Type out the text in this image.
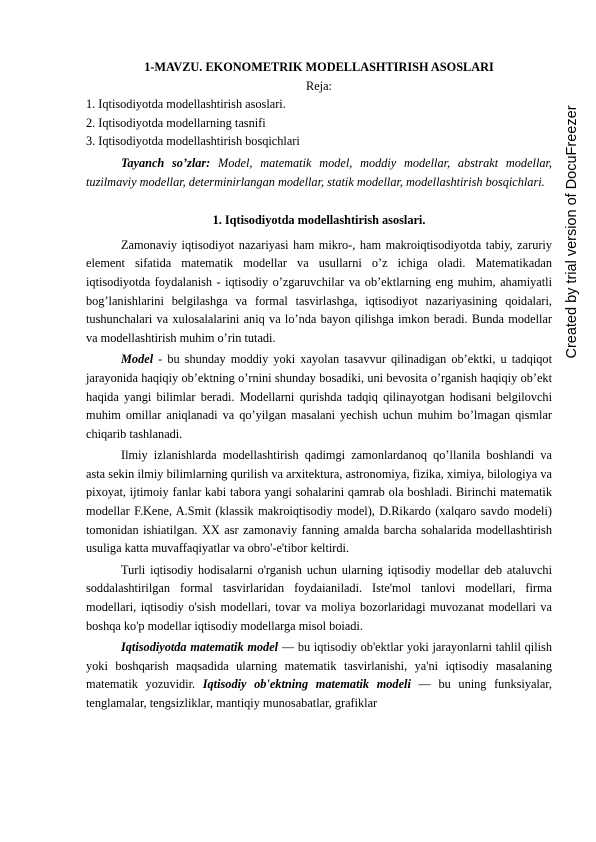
Created by trial version of DocuFreezer

1-MAVZU. EKONOMETRIK MODELLASHTIRISH ASOSLARI

Reja:

1. Iqtisodiyotda modellashtirish asoslari.

2. Iqtisodiyotda modellarning tasnifi

3. Iqtisodiyotda modellashtirish bosqichlari

Tayanch so’zlar: Model, matematik model, moddiy modellar, abstrakt modellar, tuzilmaviy modellar, determinirlangan modellar, statik modellar, modellashtirish bosqichlari.

1. Iqtisodiyotda modellashtirish asoslari.

Zamonaviy iqtisodiyot nazariyasi ham mikro-, ham makroiqtisodiyotda tabiy, zaruriy element sifatida matematik modellar va usullarni o’z ichiga oladi. Matematikadan iqtisodiyotda foydalanish - iqtisodiy o’zgaruvchilar va ob’ektlarning eng muhim, ahamiyatli bog’lanishlarini belgilashga va formal tasvirlashga, iqtisodiyot nazariyasining qoidalari, tushunchalari va xulosalalarini aniq va lo’nda bayon qilishga imkon beradi. Bunda modellar va modellashtirish muhim o’rin tutadi.

Model - bu shunday moddiy yoki xayolan tasavvur qilinadigan ob’ektki, u tadqiqot jarayonida haqiqiy ob’ektning o’rnini shunday bosadiki, uni bevosita o’rganish haqiqiy ob’ekt haqida yangi bilimlar beradi. Modellarni qurishda tadqiq qilinayotgan hodisani belgilovchi muhim omillar aniqlanadi va qo’yilgan masalani yechish uchun muhim bo’lmagan qismlar chiqarib tashlanadi.

Ilmiy izlanishlarda modellashtirish qadimgi zamonlardanoq qo’llanila boshlandi va asta sekin ilmiy bilimlarning qurilish va arxitektura, astronomiya, fizika, ximiya, bilologiya va pixoyat, ijtimoiy fanlar kabi tabora yangi sohalarini qamrab ola boshladi. Birinchi matematik modellar F.Kene, A.Smit (klassik makroiqtisodiy model), D.Rikardo (xalqaro savdo modeli) tomonidan ishiatilgan. XX asr zamonaviy fanning amalda barcha sohalarida modellashtirish usuliga katta muvaffaqiyatlar va obro'-e'tibor keltirdi.

Turli iqtisodiy hodisalarni o'rganish uchun ularning iqtisodiy modellar deb ataluvchi soddalashtirilgan formal tasvirlaridan foydaianiladi. Iste'mol tanlovi modellari, firma modellari, iqtisodiy o'sish modellari, tovar va moliya bozorlaridagi muvozanat modellari va boshqa ko'p modellar iqtisodiy modellarga misol boiadi.

Iqtisodiyotda matematik model — bu iqtisodiy ob'ektlar yoki jarayonlarni tahlil qilish yoki boshqarish maqsadida ularning matematik tasvirlanishi, ya'ni iqtisodiy masalaning matematik yozuvidir. Iqtisodiy ob'ektning matematik modeli — bu uning funksiyalar, tenglamalar, tengsizliklar, mantiqiy munosabatlar, grafiklar
